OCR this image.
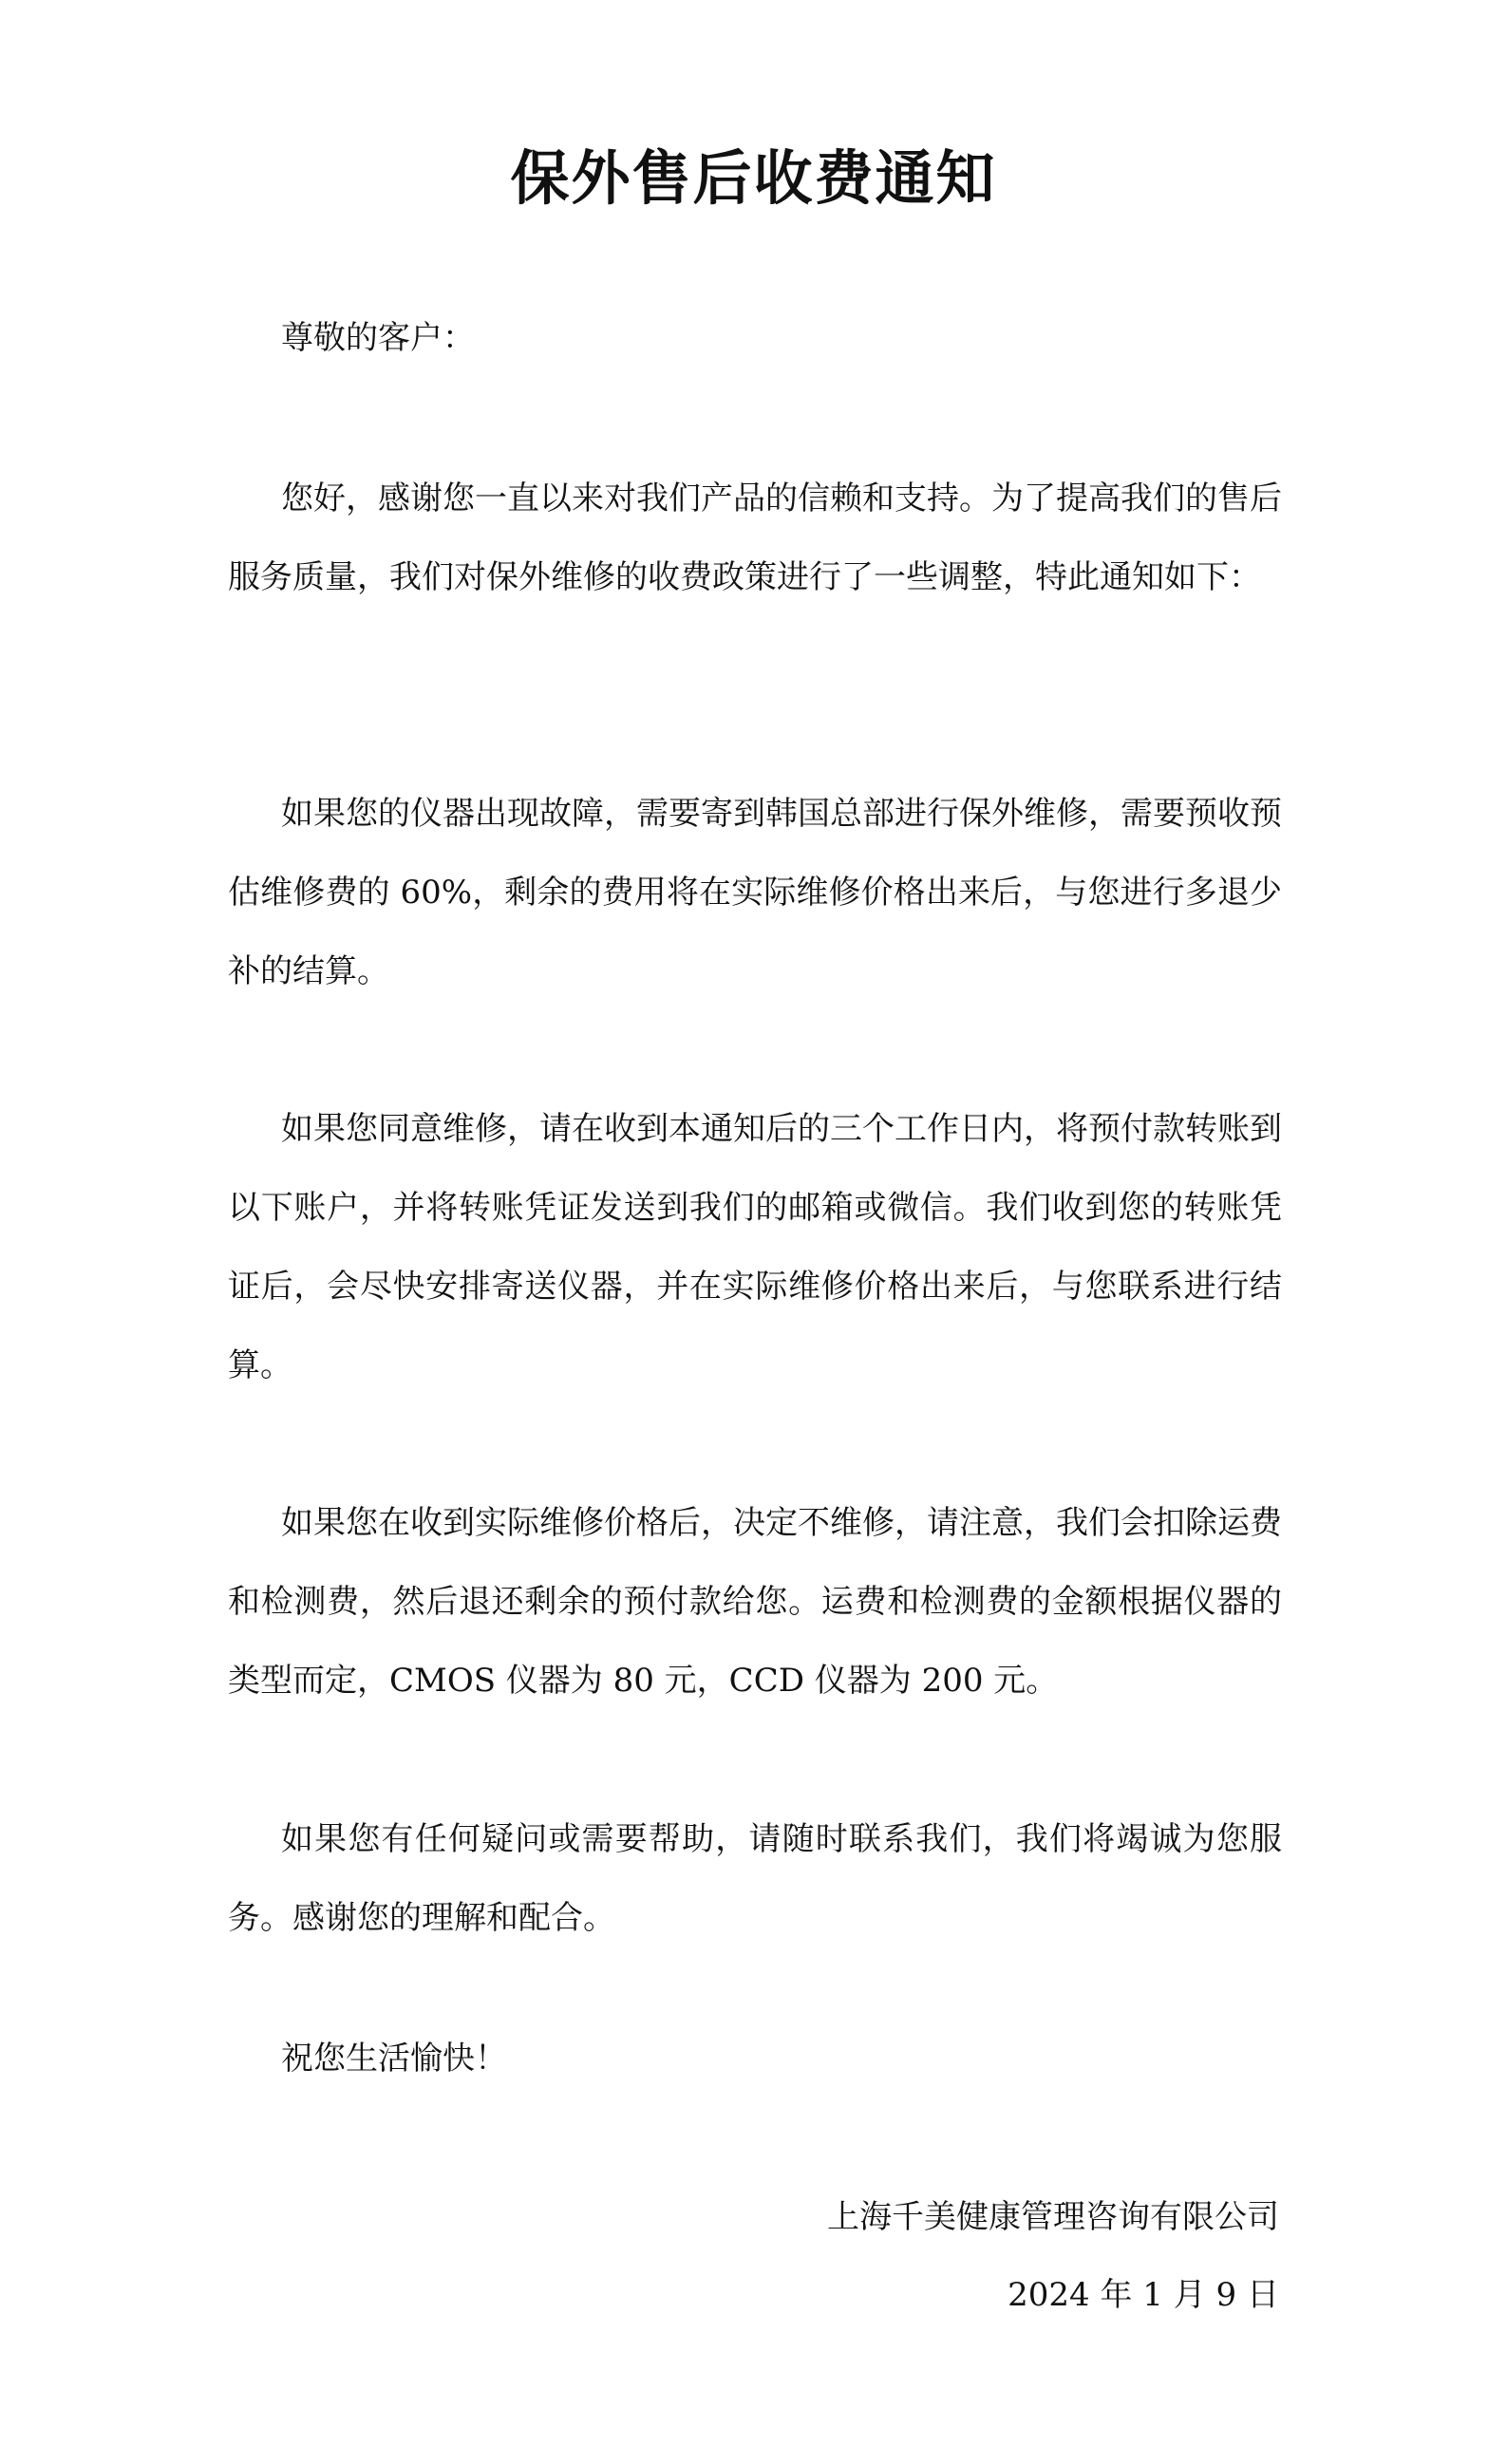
保外售后收费通知

尊敬的客户：

您好，感谢您一直以来对我们产品的信赖和支持。为了提高我们的售后服务质量，我们对保外维修的收费政策进行了一些调整，特此通知如下：

如果您的仪器出现故障，需要寄到韩国总部进行保外维修，需要预收预估维修费的 60%，剩余的费用将在实际维修价格出来后，与您进行多退少补的结算。

如果您同意维修，请在收到本通知后的三个工作日内，将预付款转账到以下账户，并将转账凭证发送到我们的邮箱或微信。我们收到您的转账凭证后，会尽快安排寄送仪器，并在实际维修价格出来后，与您联系进行结算。

如果您在收到实际维修价格后，决定不维修，请注意，我们会扣除运费和检测费，然后退还剩余的预付款给您。运费和检测费的金额根据仪器的类型而定，CMOS 仪器为 80 元，CCD 仪器为 200 元。

如果您有任何疑问或需要帮助，请随时联系我们，我们将竭诚为您服务。感谢您的理解和配合。

祝您生活愉快！

上海千美健康管理咨询有限公司

2024 年 1 月 9 日
